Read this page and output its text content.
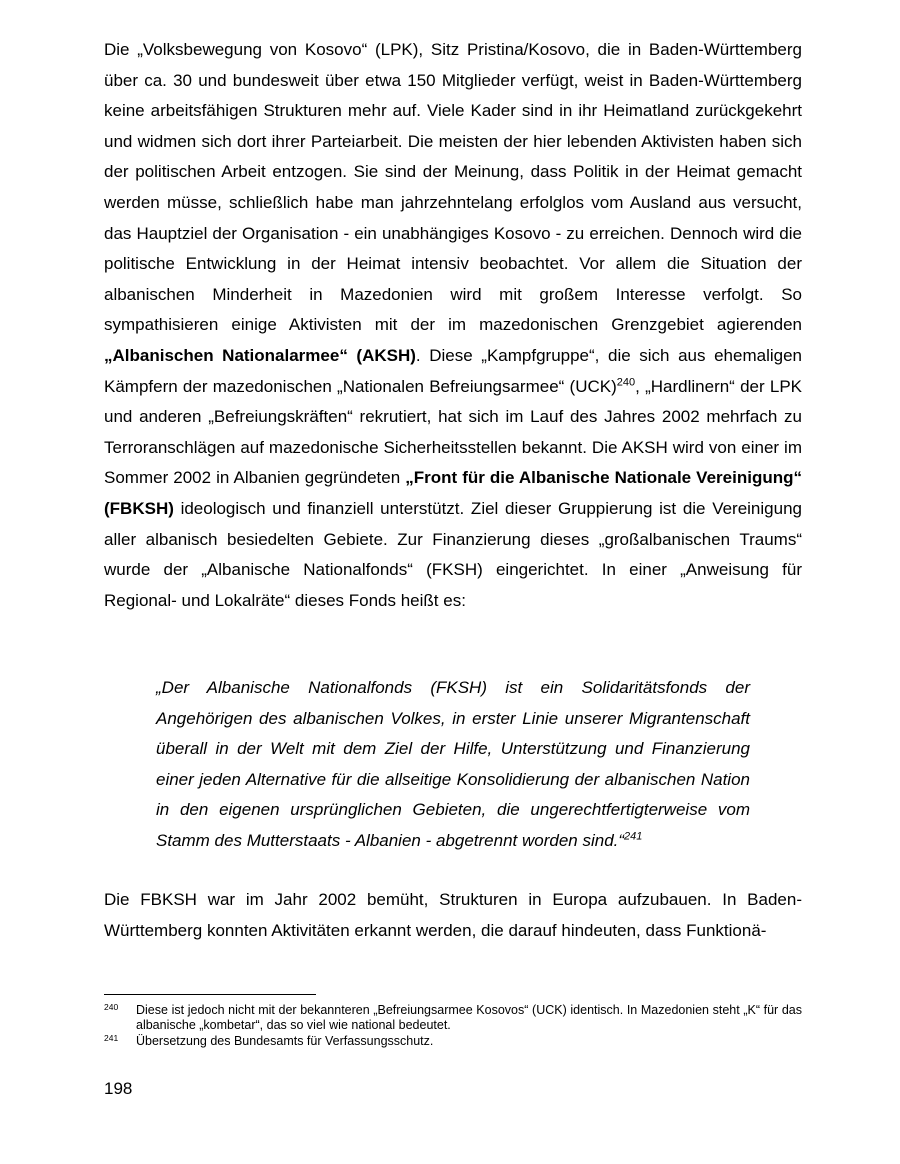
Die „Volksbewegung von Kosovo“ (LPK), Sitz Pristina/Kosovo, die in Baden-Württemberg über ca. 30 und bundesweit über etwa 150 Mitglieder verfügt, weist in Baden-Württemberg keine arbeitsfähigen Strukturen mehr auf. Viele Kader sind in ihr Heimatland zurückgekehrt und widmen sich dort ihrer Parteiarbeit. Die meisten der hier lebenden Aktivisten haben sich der politischen Arbeit entzogen. Sie sind der Meinung, dass Politik in der Heimat gemacht werden müsse, schließlich habe man jahrzehntelang erfolglos vom Ausland aus versucht, das Hauptziel der Organisation - ein unabhängiges Kosovo - zu erreichen. Dennoch wird die politische Entwicklung in der Heimat intensiv beobachtet. Vor allem die Situation der albanischen Minderheit in Mazedonien wird mit großem Interesse verfolgt. So sympathisieren einige Aktivisten mit der im mazedonischen Grenzgebiet agierenden „Albanischen Nationalarmee“ (AKSH). Diese „Kampfgruppe“, die sich aus ehemaligen Kämpfern der mazedonischen „Nationalen Befreiungsarmee“ (UCK)$^{240}$, „Hardlinern“ der LPK und anderen „Befreiungskräften“ rekrutiert, hat sich im Lauf des Jahres 2002 mehrfach zu Terroranschlägen auf mazedonische Sicherheitsstellen bekannt. Die AKSH wird von einer im Sommer 2002 in Albanien gegründeten „Front für die Albanische Nationale Vereinigung“ (FBKSH) ideologisch und finanziell unterstützt. Ziel dieser Gruppierung ist die Vereinigung aller albanisch besiedelten Gebiete. Zur Finanzierung dieses „großalbanischen Traums“ wurde der „Albanische Nationalfonds“ (FKSH) eingerichtet. In einer „Anweisung für Regional- und Lokalräte“ dieses Fonds heißt es:

„Der Albanische Nationalfonds (FKSH) ist ein Solidaritätsfonds der Angehörigen des albanischen Volkes, in erster Linie unserer Migrantenschaft überall in der Welt mit dem Ziel der Hilfe, Unterstützung und Finanzierung einer jeden Alternative für die allseitige Konsolidierung der albanischen Nation in den eigenen ursprünglichen Gebieten, die ungerechtfertigterweise vom Stamm des Mutterstaats - Albanien - abgetrennt worden sind.“$^{241}$

Die FBKSH war im Jahr 2002 bemüht, Strukturen in Europa aufzubauen. In Baden-Württemberg konnten Aktivitäten erkannt werden, die darauf hindeuten, dass Funktionä-

240 Diese ist jedoch nicht mit der bekannteren „Befreiungsarmee Kosovos“ (UCK) identisch. In Mazedonien steht „K“ für das albanische „kombetar“, das so viel wie national bedeutet.

241 Übersetzung des Bundesamts für Verfassungsschutz.

198
